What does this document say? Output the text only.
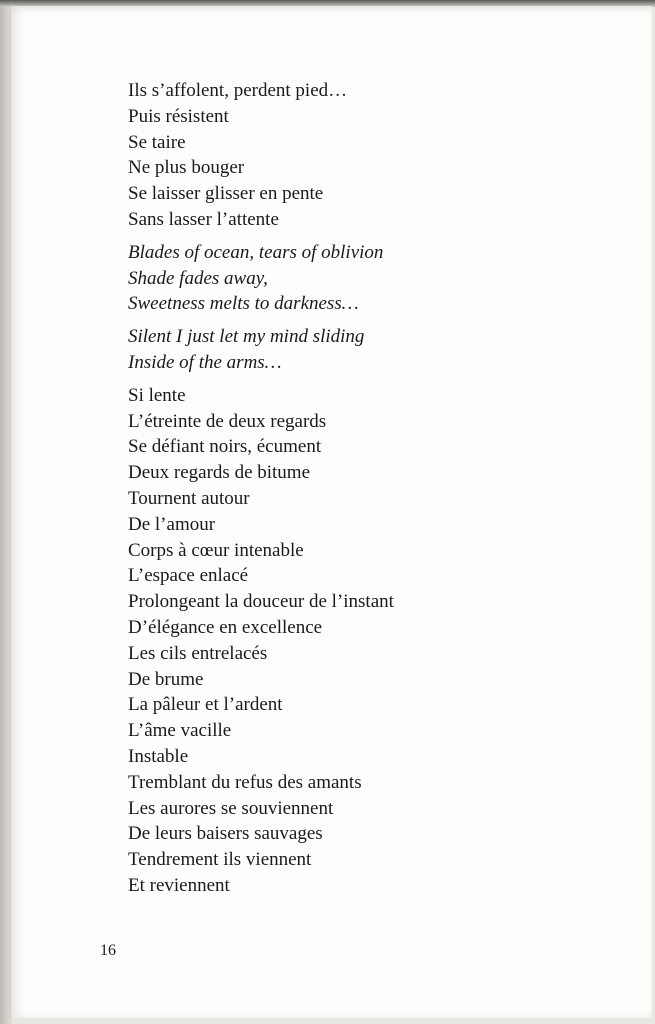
Ils s’affolent, perdent pied…
Puis résistent
Se taire
Ne plus bouger
Se laisser glisser en pente
Sans lasser l’attente
Blades of ocean, tears of oblivion
Shade fades away,
Sweetness melts to darkness…
Silent I just let my mind sliding
Inside of the arms…
Si lente
L’étreinte de deux regards
Se défiant noirs, écument
Deux regards de bitume
Tournent autour
De l’amour
Corps à cœur intenable
L’espace enlacé
Prolongeant la douceur de l’instant
D’élégance en excellence
Les cils entrelacés
De brume
La pâleur et l’ardent
L’âme vacille
Instable
Tremblant du refus des amants
Les aurores se souviennent
De leurs baisers sauvages
Tendrement ils viennent
Et reviennent
16
